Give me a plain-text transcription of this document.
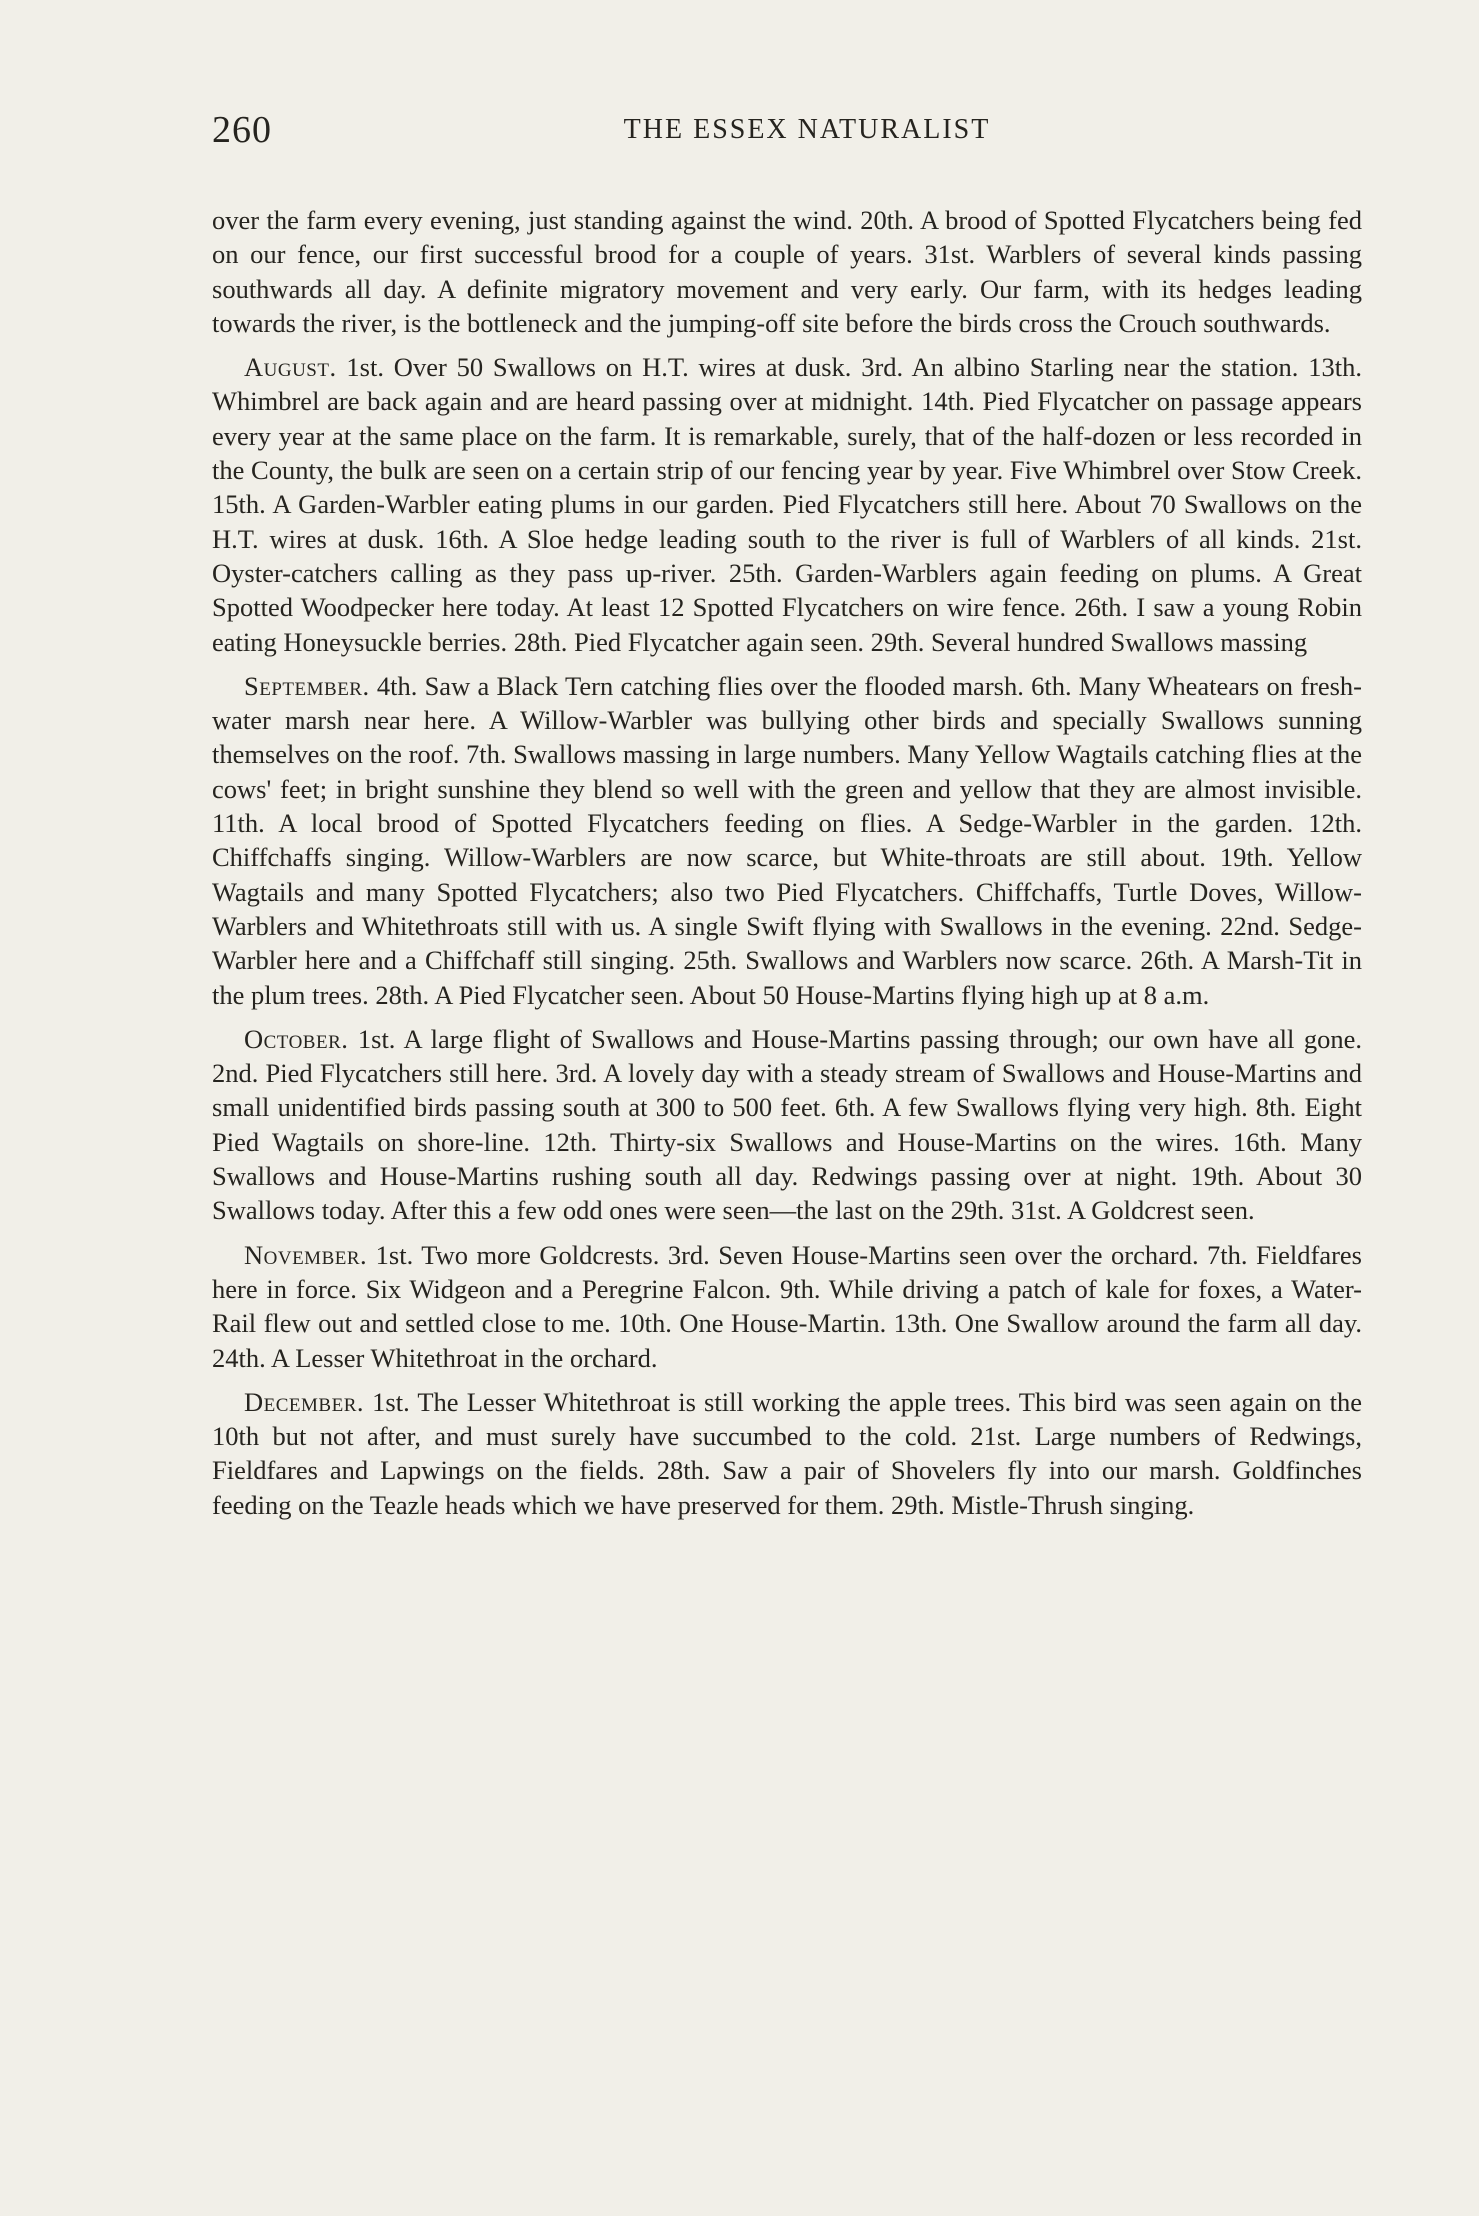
260	THE ESSEX NATURALIST

over the farm every evening, just standing against the wind. 20th. A brood of Spotted Flycatchers being fed on our fence, our first successful brood for a couple of years. 31st. Warblers of several kinds passing southwards all day. A definite migratory movement and very early. Our farm, with its hedges leading towards the river, is the bottleneck and the jumping-off site before the birds cross the Crouch southwards.

August. 1st. Over 50 Swallows on H.T. wires at dusk. 3rd. An albino Starling near the station. 13th. Whimbrel are back again and are heard passing over at midnight. 14th. Pied Flycatcher on passage appears every year at the same place on the farm. It is remarkable, surely, that of the half-dozen or less recorded in the County, the bulk are seen on a certain strip of our fencing year by year. Five Whimbrel over Stow Creek. 15th. A Garden-Warbler eating plums in our garden. Pied Flycatchers still here. About 70 Swallows on the H.T. wires at dusk. 16th. A Sloe hedge leading south to the river is full of Warblers of all kinds. 21st. Oyster-catchers calling as they pass up-river. 25th. Garden-Warblers again feeding on plums. A Great Spotted Woodpecker here today. At least 12 Spotted Flycatchers on wire fence. 26th. I saw a young Robin eating Honeysuckle berries. 28th. Pied Flycatcher again seen. 29th. Several hundred Swallows massing

September. 4th. Saw a Black Tern catching flies over the flooded marsh. 6th. Many Wheatears on fresh-water marsh near here. A Willow-Warbler was bullying other birds and specially Swallows sunning themselves on the roof. 7th. Swallows massing in large numbers. Many Yellow Wagtails catching flies at the cows' feet; in bright sunshine they blend so well with the green and yellow that they are almost invisible. 11th. A local brood of Spotted Flycatchers feeding on flies. A Sedge-Warbler in the garden. 12th. Chiffchaffs singing. Willow-Warblers are now scarce, but White-throats are still about. 19th. Yellow Wagtails and many Spotted Flycatchers; also two Pied Flycatchers. Chiffchaffs, Turtle Doves, Willow-Warblers and Whitethroats still with us. A single Swift flying with Swallows in the evening. 22nd. Sedge-Warbler here and a Chiffchaff still singing. 25th. Swallows and Warblers now scarce. 26th. A Marsh-Tit in the plum trees. 28th. A Pied Flycatcher seen. About 50 House-Martins flying high up at 8 a.m.

October. 1st. A large flight of Swallows and House-Martins passing through; our own have all gone. 2nd. Pied Flycatchers still here. 3rd. A lovely day with a steady stream of Swallows and House-Martins and small unidentified birds passing south at 300 to 500 feet. 6th. A few Swallows flying very high. 8th. Eight Pied Wagtails on shore-line. 12th. Thirty-six Swallows and House-Martins on the wires. 16th. Many Swallows and House-Martins rushing south all day. Redwings passing over at night. 19th. About 30 Swallows today. After this a few odd ones were seen—the last on the 29th. 31st. A Goldcrest seen.

November. 1st. Two more Goldcrests. 3rd. Seven House-Martins seen over the orchard. 7th. Fieldfares here in force. Six Widgeon and a Peregrine Falcon. 9th. While driving a patch of kale for foxes, a Water-Rail flew out and settled close to me. 10th. One House-Martin. 13th. One Swallow around the farm all day. 24th. A Lesser Whitethroat in the orchard.

December. 1st. The Lesser Whitethroat is still working the apple trees. This bird was seen again on the 10th but not after, and must surely have succumbed to the cold. 21st. Large numbers of Redwings, Fieldfares and Lapwings on the fields. 28th. Saw a pair of Shovelers fly into our marsh. Goldfinches feeding on the Teazle heads which we have preserved for them. 29th. Mistle-Thrush singing.
